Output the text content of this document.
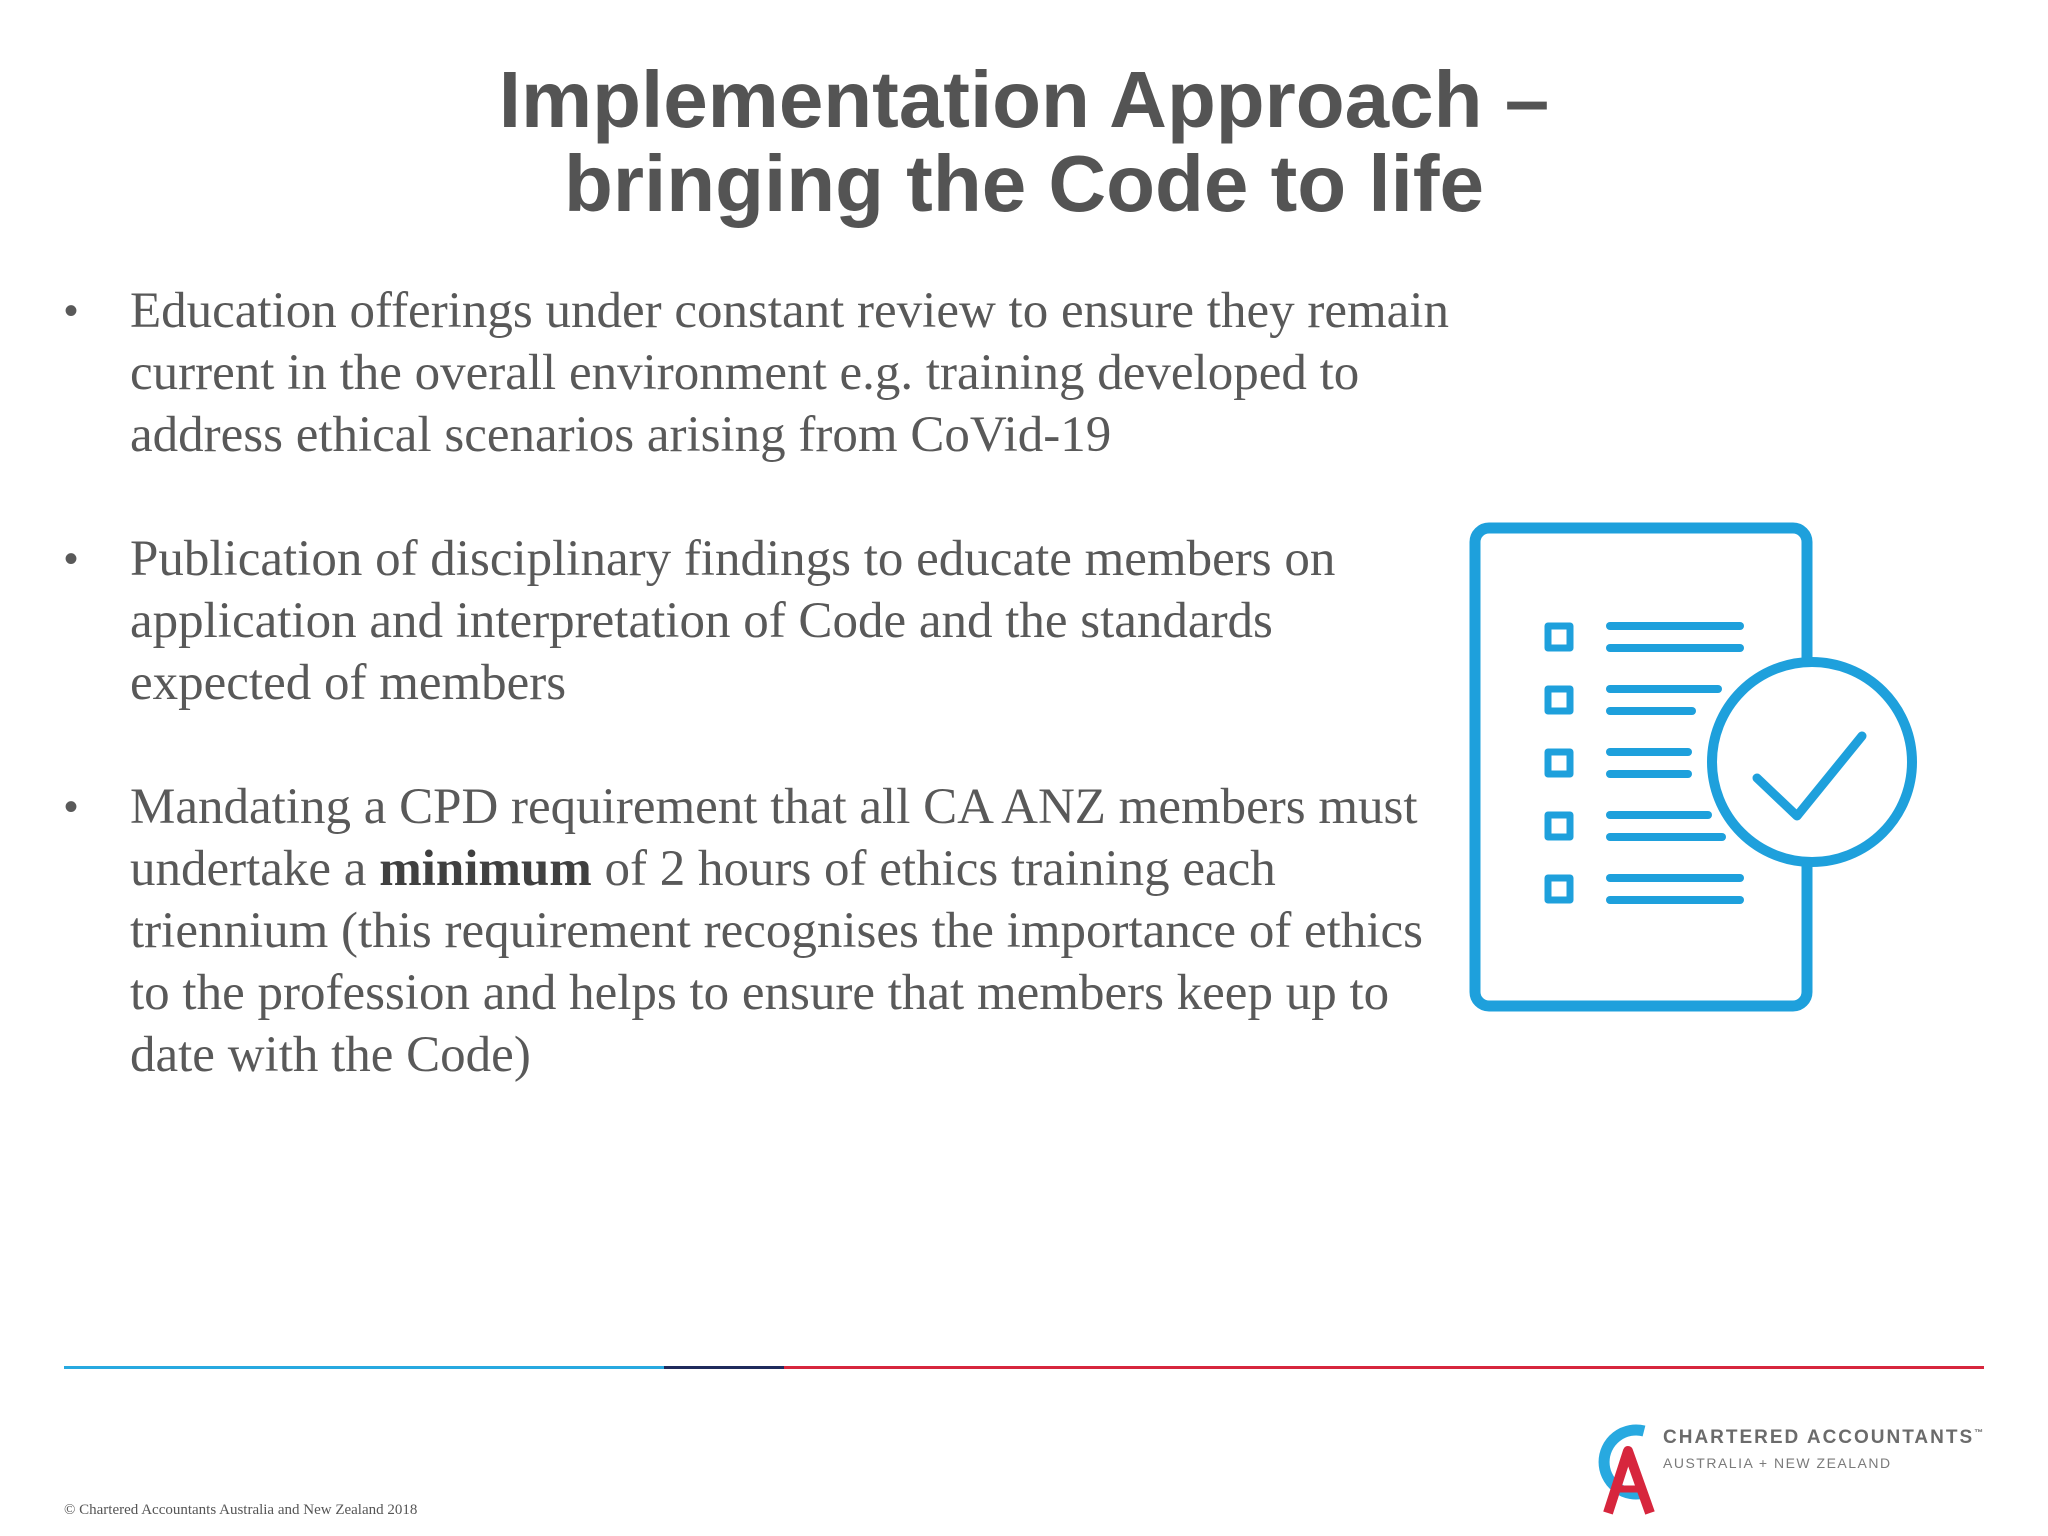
Implementation Approach –
bringing the Code to life
• Education offerings under constant review to ensure they remain current in the overall environment e.g. training developed to address ethical scenarios arising from CoVid-19
• Publication of disciplinary findings to educate members on application and interpretation of Code and the standards expected of members
• Mandating a CPD requirement that all CA ANZ members must undertake a minimum of 2 hours of ethics training each triennium (this requirement recognises the importance of ethics to the profession and helps to ensure that members keep up to date with the Code)
CHARTERED ACCOUNTANTS™
AUSTRALIA + NEW ZEALAND
© Chartered Accountants Australia and New Zealand 2018
